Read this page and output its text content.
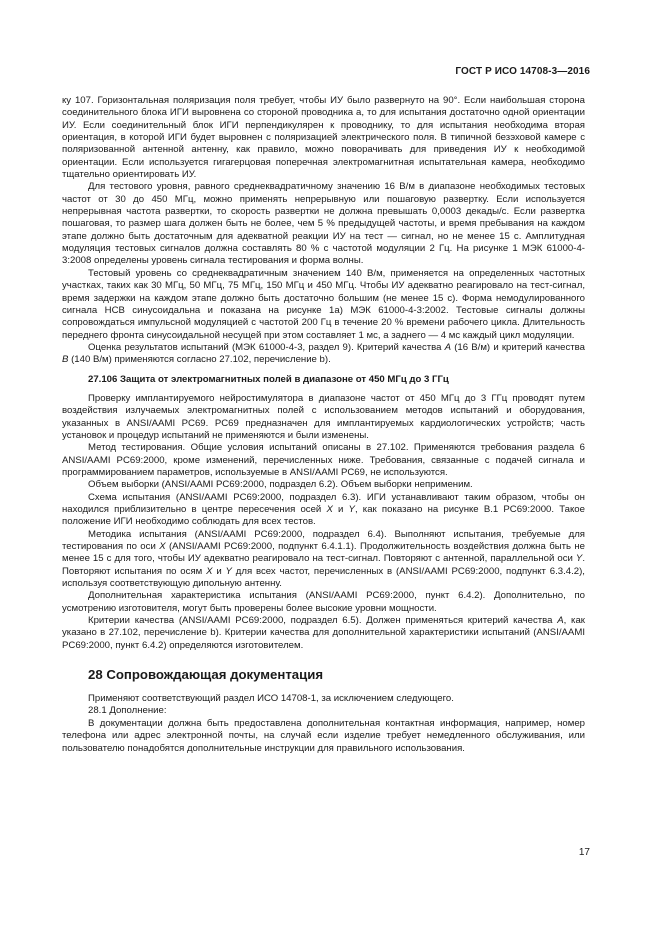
ГОСТ Р ИСО 14708-3—2016

ку 107. Горизонтальная поляризация поля требует, чтобы ИУ было развернуто на 90°. Если наибольшая сторона соединительного блока ИГИ выровнена со стороной проводника a, то для испытания достаточно одной ориентации ИУ. Если соединительный блок ИГИ перпендикулярен к проводнику, то для испытания необходима вторая ориентация, в которой ИГИ будет выровнен с поляризацией электрического поля. В типичной безэховой камере с поляризованной антенной антенну, как правило, можно поворачивать для приведения ИУ к необходимой ориентации. Если используется гигагерцовая поперечная электромагнитная испытательная камера, необходимо тщательно ориентировать ИУ.

Для тестового уровня, равного среднеквадратичному значению 16 В/м в диапазоне необходимых тестовых частот от 30 до 450 МГц, можно применять непрерывную или пошаговую развертку. Если используется непрерывная частота развертки, то скорость развертки не должна превышать 0,0003 декады/с. Если развертка пошаговая, то размер шага должен быть не более, чем 5 % предыдущей частоты, и время пребывания на каждом этапе должно быть достаточным для адекватной реакции ИУ на тест — сигнал, но не менее 15 с. Амплитудная модуляция тестовых сигналов должна составлять 80 % с частотой модуляции 2 Гц. На рисунке 1 МЭК 61000-4-3:2008 определены уровень сигнала тестирования и форма волны.

Тестовый уровень со среднеквадратичным значением 140 В/м, применяется на определенных частотных участках, таких как 30 МГц, 50 МГц, 75 МГц, 150 МГц и 450 МГц. Чтобы ИУ адекватно реагировало на тест-сигнал, время задержки на каждом этапе должно быть достаточно большим (не менее 15 с). Форма немодулированного сигнала НСВ синусоидальна и показана на рисунке 1а) МЭК 61000-4-3:2002. Тестовые сигналы должны сопровождаться импульсной модуляцией с частотой 200 Гц в течение 20 % времени рабочего цикла. Длительность переднего фронта синусоидальной несущей при этом составляет 1 мс, а заднего — 4 мс каждый цикл модуляции.

Оценка результатов испытаний (МЭК 61000-4-3, раздел 9). Критерий качества А (16 В/м) и критерий качества В (140 В/м) применяются согласно 27.102, перечисление b).

27.106 Защита от электромагнитных полей в диапазоне от 450 МГц до 3 ГГц

Проверку имплантируемого нейростимулятора в диапазоне частот от 450 МГц до 3 ГГц проводят путем воздействия излучаемых электромагнитных полей с использованием методов испытаний и оборудования, указанных в ANSI/AAMI PC69. PC69 предназначен для имплантируемых кардиологических устройств; часть установок и процедур испытаний не применяются и были изменены.

Метод тестирования. Общие условия испытаний описаны в 27.102. Применяются требования раздела 6 ANSI/AAMI PC69:2000, кроме изменений, перечисленных ниже. Требования, связанные с подачей сигнала и программированием параметров, используемые в ANSI/AAMI PC69, не используются.

Объем выборки (ANSI/AAMI PC69:2000, подраздел 6.2). Объем выборки неприменим.

Схема испытания (ANSI/AAMI PC69:2000, подраздел 6.3). ИГИ устанавливают таким образом, чтобы он находился приблизительно в центре пересечения осей X и Y, как показано на рисунке В.1 PC69:2000. Такое положение ИГИ необходимо соблюдать для всех тестов.

Методика испытания (ANSI/AAMI PC69:2000, подраздел 6.4). Выполняют испытания, требуемые для тестирования по оси X (ANSI/AAMI PC69:2000, подпункт 6.4.1.1). Продолжительность воздействия должна быть не менее 15 с для того, чтобы ИУ адекватно реагировало на тест-сигнал. Повторяют с антенной, параллельной оси Y. Повторяют испытания по осям X и Y для всех частот, перечисленных в (ANSI/AAMI PC69:2000, подпункт 6.3.4.2), используя соответствующую дипольную антенну.

Дополнительная характеристика испытания (ANSI/AAMI PC69:2000, пункт 6.4.2). Дополнительно, по усмотрению изготовителя, могут быть проверены более высокие уровни мощности.

Критерии качества (ANSI/AAMI PC69:2000, подраздел 6.5). Должен применяться критерий качества А, как указано в 27.102, перечисление b). Критерии качества для дополнительной характеристики испытаний (ANSI/AAMI PC69:2000, пункт 6.4.2) определяются изготовителем.

28 Сопровождающая документация

Применяют соответствующий раздел ИСО 14708-1, за исключением следующего.

28.1 Дополнение:

В документации должна быть предоставлена дополнительная контактная информация, например, номер телефона или адрес электронной почты, на случай если изделие требует немедленного обслуживания, или пользователю понадобятся дополнительные инструкции для правильного использования.

17
